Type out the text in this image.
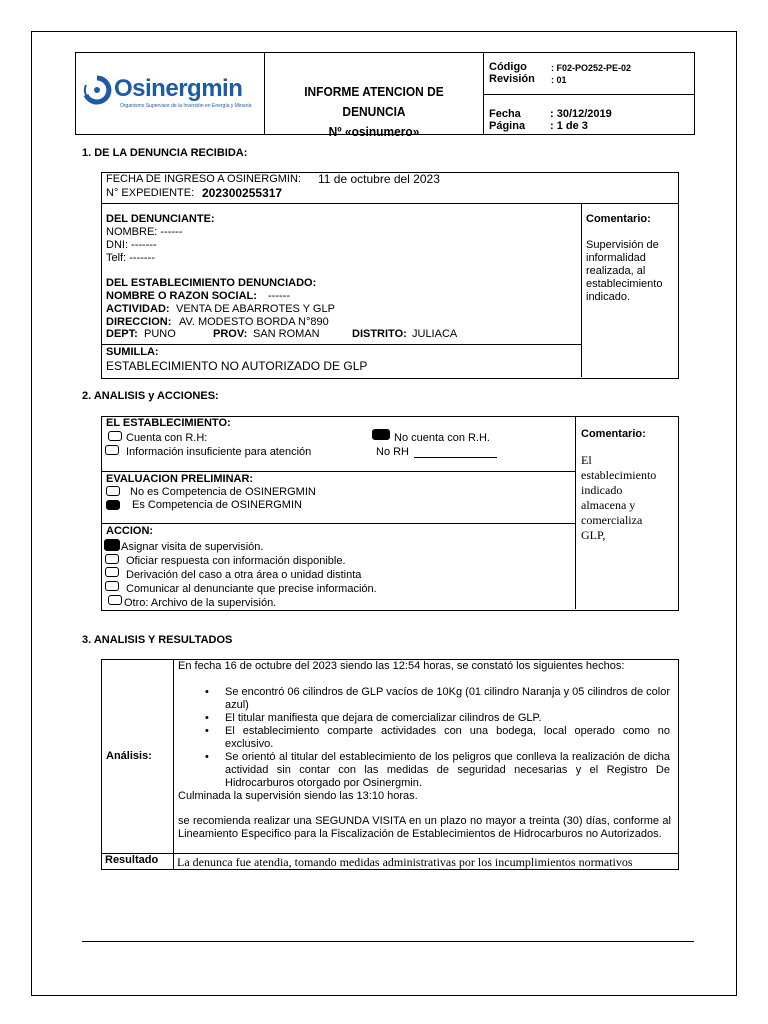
Osinergmin
Organismo Supervisor de la Inversión en Energía y Minería
INFORME ATENCION DE DENUNCIA
Nº «osinumero»
Código	: F02-PO252-PE-02
Revisión : 01
Fecha	: 30/12/2019
Página : 1 de 3
1. DE LA DENUNCIA RECIBIDA:
FECHA DE INGRESO A OSINERGMIN: 11 de octubre del 2023
N° EXPEDIENTE: 202300255317
DEL DENUNCIANTE:
NOMBRE: ------
DNI: -------
Telf: -------
DEL ESTABLECIMIENTO DENUNCIADO:
NOMBRE O RAZON SOCIAL: ------
ACTIVIDAD: VENTA DE ABARROTES Y GLP
DIRECCION: AV. MODESTO BORDA N°890
DEPT: PUNO	PROV: SAN ROMAN	DISTRITO: JULIACA
SUMILLA:
ESTABLECIMIENTO NO AUTORIZADO DE GLP
Comentario:
Supervisión de
informalidad
realizada, al
establecimiento
indicado.
2. ANALISIS y ACCIONES:
EL ESTABLECIMIENTO:
Cuenta con R.H:	No cuenta con R.H.
Información insuficiente para atención	No RH
EVALUACION PRELIMINAR:
No es Competencia de OSINERGMIN
Es Competencia de OSINERGMIN
ACCION:
Asignar visita de supervisión.
Oficiar respuesta con información disponible.
Derivación del caso a otra área o unidad distinta
Comunicar al denunciante que precise información.
Otro: Archivo de la supervisión.
Comentario:
El
establecimiento
indicado
almacena y
comercializa
GLP,
3. ANALISIS Y RESULTADOS
Análisis:
En fecha 16 de octubre del 2023 siendo las 12:54 horas, se constató los siguientes hechos:
• Se encontró 06 cilindros de GLP vacíos de 10Kg (01 cilindro Naranja y 05 cilindros de color azul)
• El titular manifiesta que dejara de comercializar cilindros de GLP.
• El establecimiento comparte actividades con una bodega, local operado como no exclusivo.
• Se orientó al titular del establecimiento de los peligros que conlleva la realización de dicha actividad sin contar con las medidas de seguridad necesarias y el Registro De Hidrocarburos otorgado por Osinergmin.
Culminada la supervisión siendo las 13:10 horas.
se recomienda realizar una SEGUNDA VISITA en un plazo no mayor a treinta (30) días, conforme al Lineamiento Especifico para la Fiscalización de Establecimientos de Hidrocarburos no Autorizados.
Resultado La denunca fue atendia, tomando medidas administrativas por los incumplimientos normativos
